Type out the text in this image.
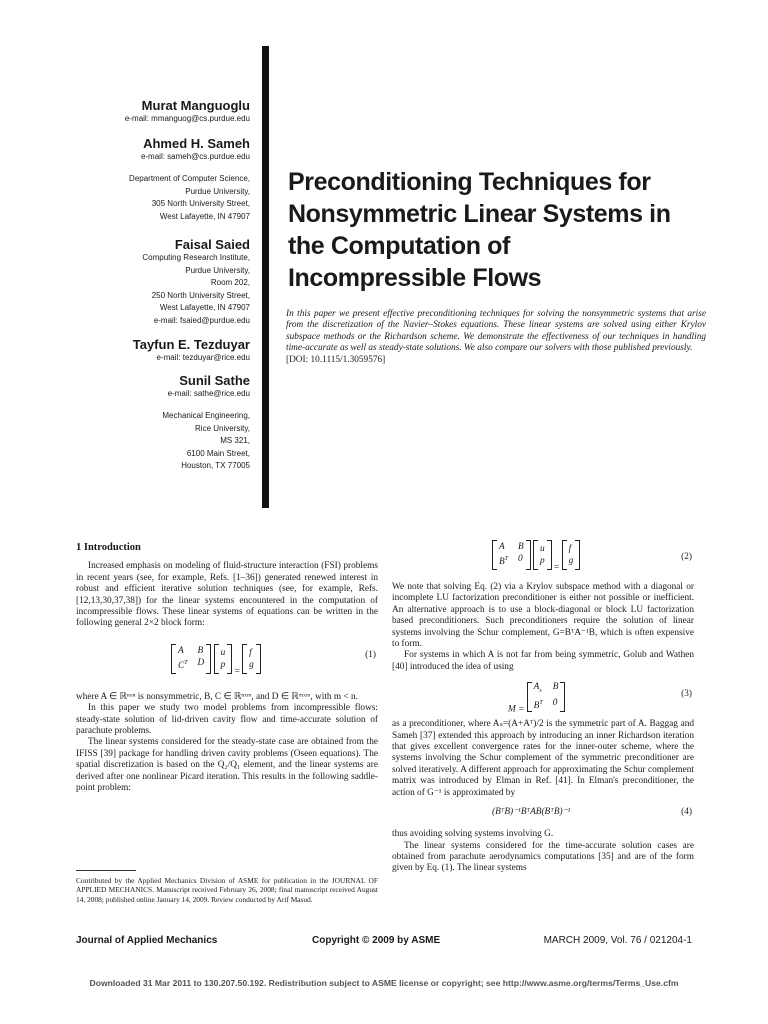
Murat Manguoglu
e-mail: mmanguog@cs.purdue.edu
Ahmed H. Sameh
e-mail: sameh@cs.purdue.edu
Department of Computer Science,
Purdue University,
305 North University Street,
West Lafayette, IN 47907
Faisal Saied
Computing Research Institute,
Purdue University,
Room 202,
250 North University Street,
West Lafayette, IN 47907
e-mail: fsaied@purdue.edu
Tayfun E. Tezduyar
e-mail: tezduyar@rice.edu
Sunil Sathe
e-mail: sathe@rice.edu
Mechanical Engineering,
Rice University,
MS 321,
6100 Main Street,
Houston, TX 77005
Preconditioning Techniques for
Nonsymmetric Linear Systems in
the Computation of
Incompressible Flows
In this paper we present effective preconditioning techniques for solving the nonsymmetric systems that arise from the discretization of the Navier–Stokes equations. These linear systems are solved using either Krylov subspace methods or the Richardson scheme. We demonstrate the effectiveness of our techniques in handling time-accurate as well as steady-state solutions. We also compare our solvers with those published previously.
[DOI: 10.1115/1.3059576]
1 Introduction

Increased emphasis on modeling of fluid-structure interaction (FSI) problems in recent years (see, for example, Refs. [1–36]) generated renewed interest in robust and efficient iterative solution techniques (see, for example, Refs. [12,13,30,37,38]) for the linear systems encountered in the computation of incompressible flows. These linear systems of equations can be written in the following general 2×2 block form:

A	B
$C^T$ D

u
p
=
f
g
(1)

where A ∈ ℝⁿˣⁿ is nonsymmetric, B, C ∈ ℝⁿˣᵐ, and D ∈ ℝᵐˣᵐ, with m < n.

In this paper we study two model problems from incompressible flows: steady-state solution of lid-driven cavity flow and time-accurate solution of parachute problems.

The linear systems considered for the steady-state case are obtained from the IFISS [39] package for handling driven cavity problems (Oseen equations). The spatial discretization is based on the Q₂/Q₁ element, and the linear systems are derived after one nonlinear Picard iteration. This results in the following saddle-point problem:

Contributed by the Applied Mechanics Division of ASME for publication in the JOURNAL OF APPLIED MECHANICS. Manuscript received February 26, 2008; final manuscript received August 14, 2008; published online January 14, 2009. Review conducted by Arif Masud.
A	B
$B^T$ 0

u
p
=
f
g	(2)

We note that solving Eq. (2) via a Krylov subspace method with a diagonal or incomplete LU factorization preconditioner is either not possible or inefficient. An alternative approach is to use a block-diagonal or block LU factorization based preconditioners. Such preconditioners require the solution of linear systems involving the Schur complement, G=BᵀA⁻¹B, which is often expensive to form.

For systems in which A is not far from being symmetric, Golub and Wathen [40] introduced the idea of using

M =
$A_s$ B
$B^T$ 0
(3)

as a preconditioner, where Aₛ=(A+Aᵀ)/2 is the symmetric part of A. Baggag and Sameh [37] extended this approach by introducing an inner Richardson iteration that gives excellent convergence rates for the inner-outer scheme, where the systems involving the Schur complement of the symmetric preconditioner are solved iteratively. A different approach for approximating the Schur complement matrix was introduced by Elman in Ref. [41]. In Elman's preconditioner, the action of G⁻¹ is approximated by

(BᵀB)⁻¹BᵀAB(BᵀB)⁻¹	(4)

thus avoiding solving systems involving G.

The linear systems considered for the time-accurate solution cases are obtained from parachute aerodynamics computations [35] and are of the form given by Eq. (1). The linear systems

Journal of Applied Mechanics	Copyright © 2009 by ASME	MARCH 2009, Vol. 76 / 021204-1
Downloaded 31 Mar 2011 to 130.207.50.192. Redistribution subject to ASME license or copyright; see http://www.asme.org/terms/Terms_Use.cfm
